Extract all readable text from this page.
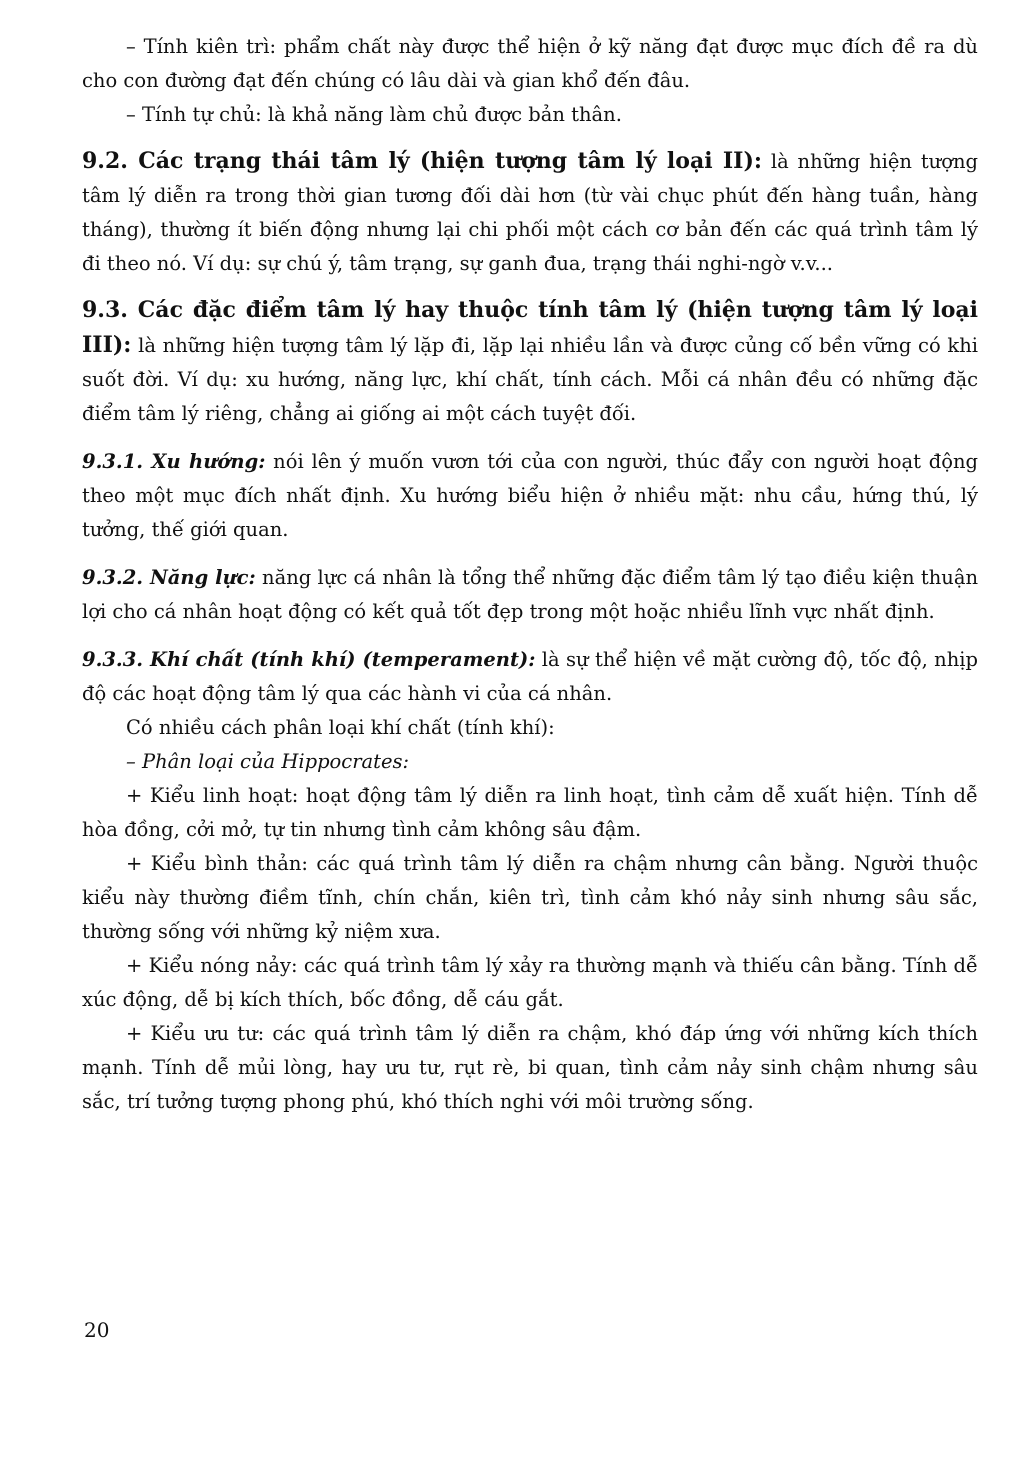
– Tính kiên trì: phẩm chất này được thể hiện ở kỹ năng đạt được mục đích đề ra dù cho con đường đạt đến chúng có lâu dài và gian khổ đến đâu.

– Tính tự chủ: là khả năng làm chủ được bản thân.

9.2. Các trạng thái tâm lý (hiện tượng tâm lý loại II): là những hiện tượng tâm lý diễn ra trong thời gian tương đối dài hơn (từ vài chục phút đến hàng tuần, hàng tháng), thường ít biến động nhưng lại chi phối một cách cơ bản đến các quá trình tâm lý đi theo nó. Ví dụ: sự chú ý, tâm trạng, sự ganh đua, trạng thái nghi-ngờ v.v...

9.3. Các đặc điểm tâm lý hay thuộc tính tâm lý (hiện tượng tâm lý loại III): là những hiện tượng tâm lý lặp đi, lặp lại nhiều lần và được củng cố bền vững có khi suốt đời. Ví dụ: xu hướng, năng lực, khí chất, tính cách. Mỗi cá nhân đều có những đặc điểm tâm lý riêng, chẳng ai giống ai một cách tuyệt đối.

9.3.1. Xu hướng: nói lên ý muốn vươn tới của con người, thúc đẩy con người hoạt động theo một mục đích nhất định. Xu hướng biểu hiện ở nhiều mặt: nhu cầu, hứng thú, lý tưởng, thế giới quan.

9.3.2. Năng lực: năng lực cá nhân là tổng thể những đặc điểm tâm lý tạo điều kiện thuận lợi cho cá nhân hoạt động có kết quả tốt đẹp trong một hoặc nhiều lĩnh vực nhất định.

9.3.3. Khí chất (tính khí) (temperament): là sự thể hiện về mặt cường độ, tốc độ, nhịp độ các hoạt động tâm lý qua các hành vi của cá nhân.

Có nhiều cách phân loại khí chất (tính khí):

– Phân loại của Hippocrates:

+ Kiểu linh hoạt: hoạt động tâm lý diễn ra linh hoạt, tình cảm dễ xuất hiện. Tính dễ hòa đồng, cởi mở, tự tin nhưng tình cảm không sâu đậm.

+ Kiểu bình thản: các quá trình tâm lý diễn ra chậm nhưng cân bằng. Người thuộc kiểu này thường điềm tĩnh, chín chắn, kiên trì, tình cảm khó nảy sinh nhưng sâu sắc, thường sống với những kỷ niệm xưa.

+ Kiểu nóng nảy: các quá trình tâm lý xảy ra thường mạnh và thiếu cân bằng. Tính dễ xúc động, dễ bị kích thích, bốc đồng, dễ cáu gắt.

+ Kiểu ưu tư: các quá trình tâm lý diễn ra chậm, khó đáp ứng với những kích thích mạnh. Tính dễ mủi lòng, hay ưu tư, rụt rè, bi quan, tình cảm nảy sinh chậm nhưng sâu sắc, trí tưởng tượng phong phú, khó thích nghi với môi trường sống.

20
